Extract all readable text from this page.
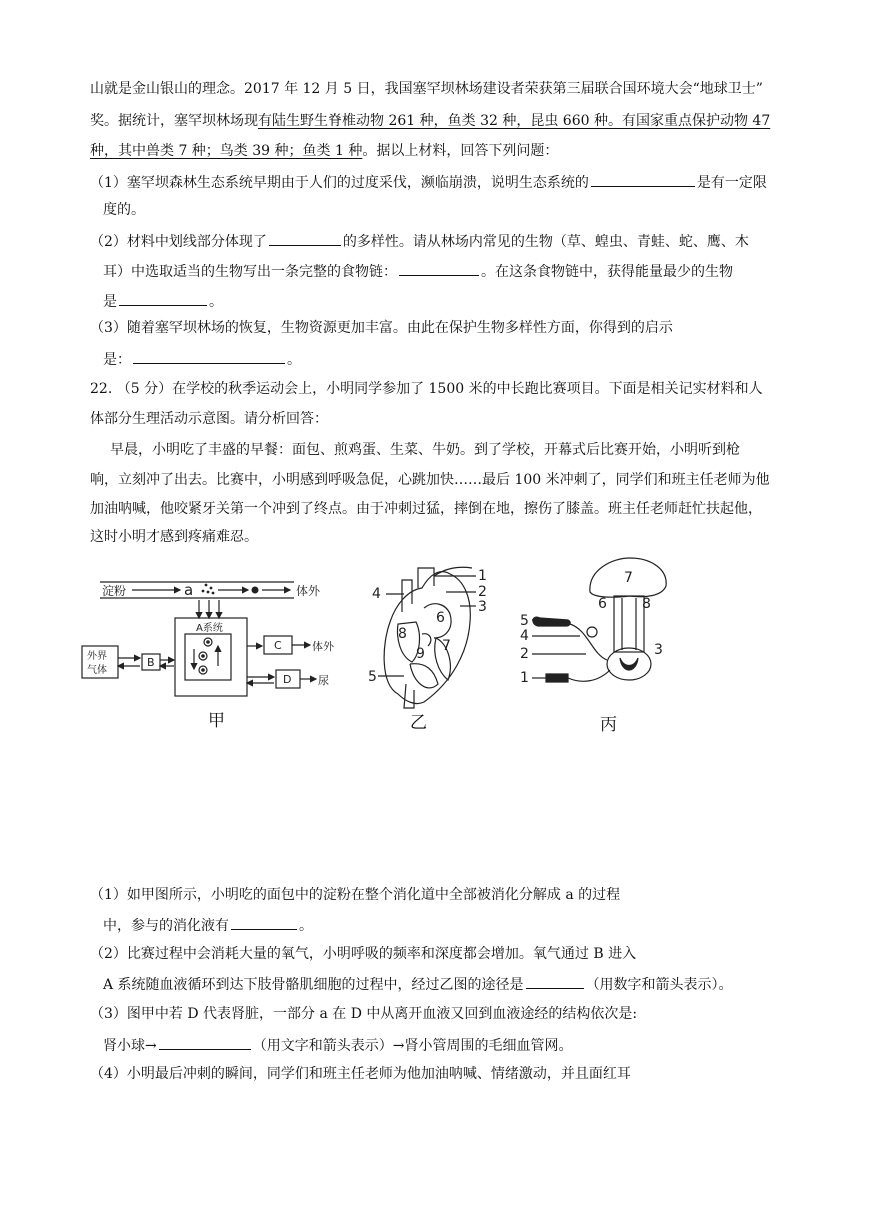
山就是金山银山的理念。2017 年 12 月 5 日，我国塞罕坝林场建设者荣获第三届联合国环境大会“地球卫士”
奖。据统计，塞罕坝林场现有陆生野生脊椎动物 261 种，鱼类 32 种，昆虫 660 种。有国家重点保护动物 47
种，其中兽类 7 种；鸟类 39 种；鱼类 1 种。据以上材料，回答下列问题：
（1）塞罕坝森林生态系统早期由于人们的过度采伐，濒临崩溃，说明生态系统的	是有一定限
度的。
（2）材料中划线部分体现了	的多样性。请从林场内常见的生物（草、蝗虫、青蛙、蛇、鹰、木
耳）中选取适当的生物写出一条完整的食物链：	。在这条食物链中，获得能量最少的生物
是	。
（3）随着塞罕坝林场的恢复，生物资源更加丰富。由此在保护生物多样性方面，你得到的启示
是：	。
22. （5 分）在学校的秋季运动会上，小明同学参加了 1500 米的中长跑比赛项目。下面是相关记实材料和人
体部分生理活动示意图。请分析回答：
早晨，小明吃了丰盛的早餐：面包、煎鸡蛋、生菜、牛奶。到了学校，开幕式后比赛开始，小明听到枪
响，立刻冲了出去。比赛中，小明感到呼吸急促，心跳加快……最后 100 米冲刺了，同学们和班主任老师为他
加油呐喊，他咬紧牙关第一个冲到了终点。由于冲刺过猛，摔倒在地，擦伤了膝盖。班主任老师赶忙扶起他，
这时小明才感到疼痛难忍。
淀粉	a	体外
A系统
外界
气体
B
C	体外
D 尿
1
2
3
4
5
6
7
8
9
1
2	3
4
5
6
7
8
甲	乙	丙
（1）如甲图所示，小明吃的面包中的淀粉在整个消化道中全部被消化分解成 a 的过程
中，参与的消化液有	。
（2）比赛过程中会消耗大量的氧气，小明呼吸的频率和深度都会增加。氧气通过 B 进入
A 系统随血液循环到达下肢骨骼肌细胞的过程中，经过乙图的途径是	（用数字和箭头表示）。
（3）图甲中若 D 代表肾脏，一部分 a 在 D 中从离开血液又回到血液途经的结构依次是:
肾小球→	（用文字和箭头表示）→肾小管周围的毛细血管网。
（4）小明最后冲刺的瞬间，同学们和班主任老师为他加油呐喊、情绪激动，并且面红耳
